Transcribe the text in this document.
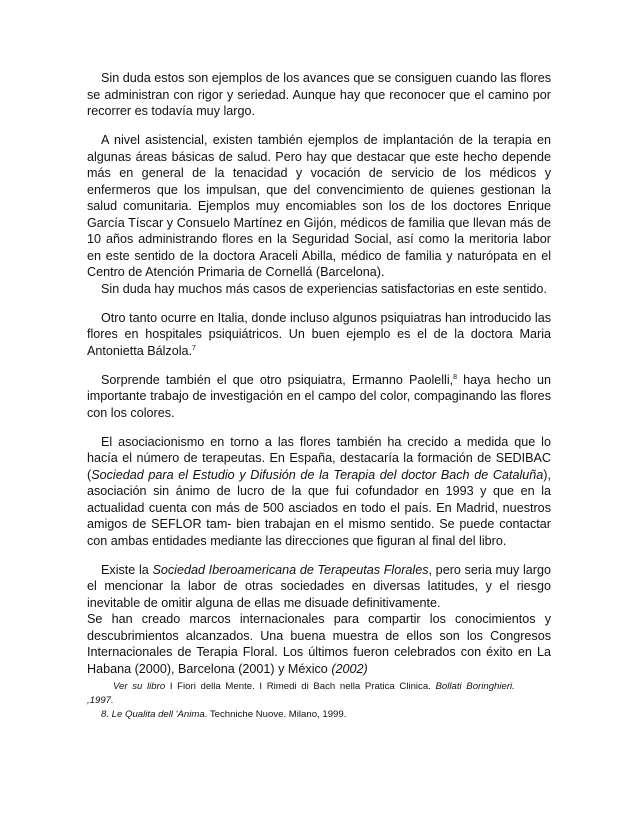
Sin duda estos son ejemplos de los avances que se consiguen cuando las flores se administran con rigor y seriedad. Aunque hay que reconocer que el camino por recorrer es todavía muy largo.

A nivel asistencial, existen también ejemplos de implantación de la terapia en algunas áreas básicas de salud. Pero hay que destacar que este hecho depende más en general de la tenacidad y vocación de servicio de los médicos y enfermeros que los impulsan, que del convencimiento de quienes gestionan la salud comunitaria. Ejemplos muy encomiables son los de los doctores Enrique García Tíscar y Consuelo Martínez en Gijón, médicos de familia que llevan más de 10 años administrando flores en la Seguridad Social, así como la meritoria labor en este sentido de la doctora Araceli Abilla, médico de familia y naturópata en el Centro de Atención Primaria de Cornellá (Barcelona).

Sin duda hay muchos más casos de experiencias satisfactorias en este sentido.

Otro tanto ocurre en Italia, donde incluso algunos psiquiatras han introducido las flores en hospitales psiquiátricos. Un buen ejemplo es el de la doctora Maria Antonietta Bálzola.$^7$

Sorprende también el que otro psiquiatra, Ermanno Paolelli,$^8$ haya hecho un importante trabajo de investigación en el campo del color, compaginando las flores con los colores.

El asociacionismo en torno a las flores también ha crecido a medida que lo hacía el número de terapeutas. En España, destacaría la formación de SEDIBAC (Sociedad para el Estudio y Difusión de la Terapia del doctor Bach de Cataluña), asociación sin ánimo de lucro de la que fui cofundador en 1993 y que en la actualidad cuenta con más de 500 asciados en todo el país. En Madrid, nuestros amigos de SEFLOR tam- bien trabajan en el mismo sentido. Se puede contactar con ambas entidades mediante las direcciones que figuran al final del libro.

Existe la Sociedad Iberoamericana de Terapeutas Florales, pero seria muy largo el mencionar la labor de otras sociedades en diversas latitudes, y el riesgo inevitable de omitir alguna de ellas me disuade definitivamente.

Se han creado marcos internacionales para compartir los conocimientos y descubrimientos alcanzados. Una buena muestra de ellos son los Congresos Internacionales de Terapia Floral. Los últimos fueron celebrados con éxito en La Habana (2000), Barcelona (2001) y México (2002)

Ver su libro I Fiori della Mente. I Rimedi di Bach nella Pratica Clinica. Bollati Boringhieri.
,1997.

8. Le Qualita dell 'Anima. Techniche Nuove. Milano, 1999.
